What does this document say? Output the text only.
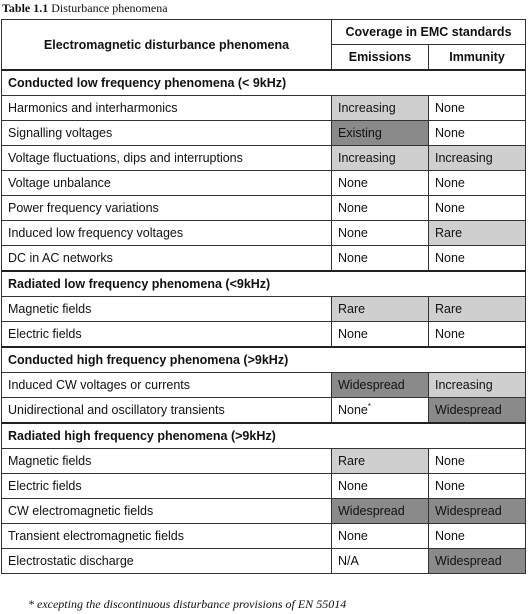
Table 1.1 Disturbance phenomena
Electromagnetic disturbance phenomena	Coverage in EMC standards	
	Emissions	Immunity
Conducted low frequency phenomena (< 9kHz)		
Harmonics and interharmonics	Increasing	None
Signalling voltages	Existing	None
Voltage fluctuations, dips and interruptions	Increasing	Increasing
Voltage unbalance	None	None
Power frequency variations	None	None
Induced low frequency voltages	None	Rare
DC in AC networks	None	None
Radiated low frequency phenomena (<9kHz)		
Magnetic fields	Rare	Rare
Electric fields	None	None
Conducted high frequency phenomena (>9kHz)		
Induced CW voltages or currents	Widespread	Increasing
Unidirectional and oscillatory transients	None*	Widespread
Radiated high frequency phenomena (>9kHz)		
Magnetic fields	Rare	None
Electric fields	None	None
CW electromagnetic fields	Widespread	Widespread
Transient electromagnetic fields	None	None
Electrostatic discharge	N/A	Widespread
* excepting the discontinuous disturbance provisions of EN 55014
